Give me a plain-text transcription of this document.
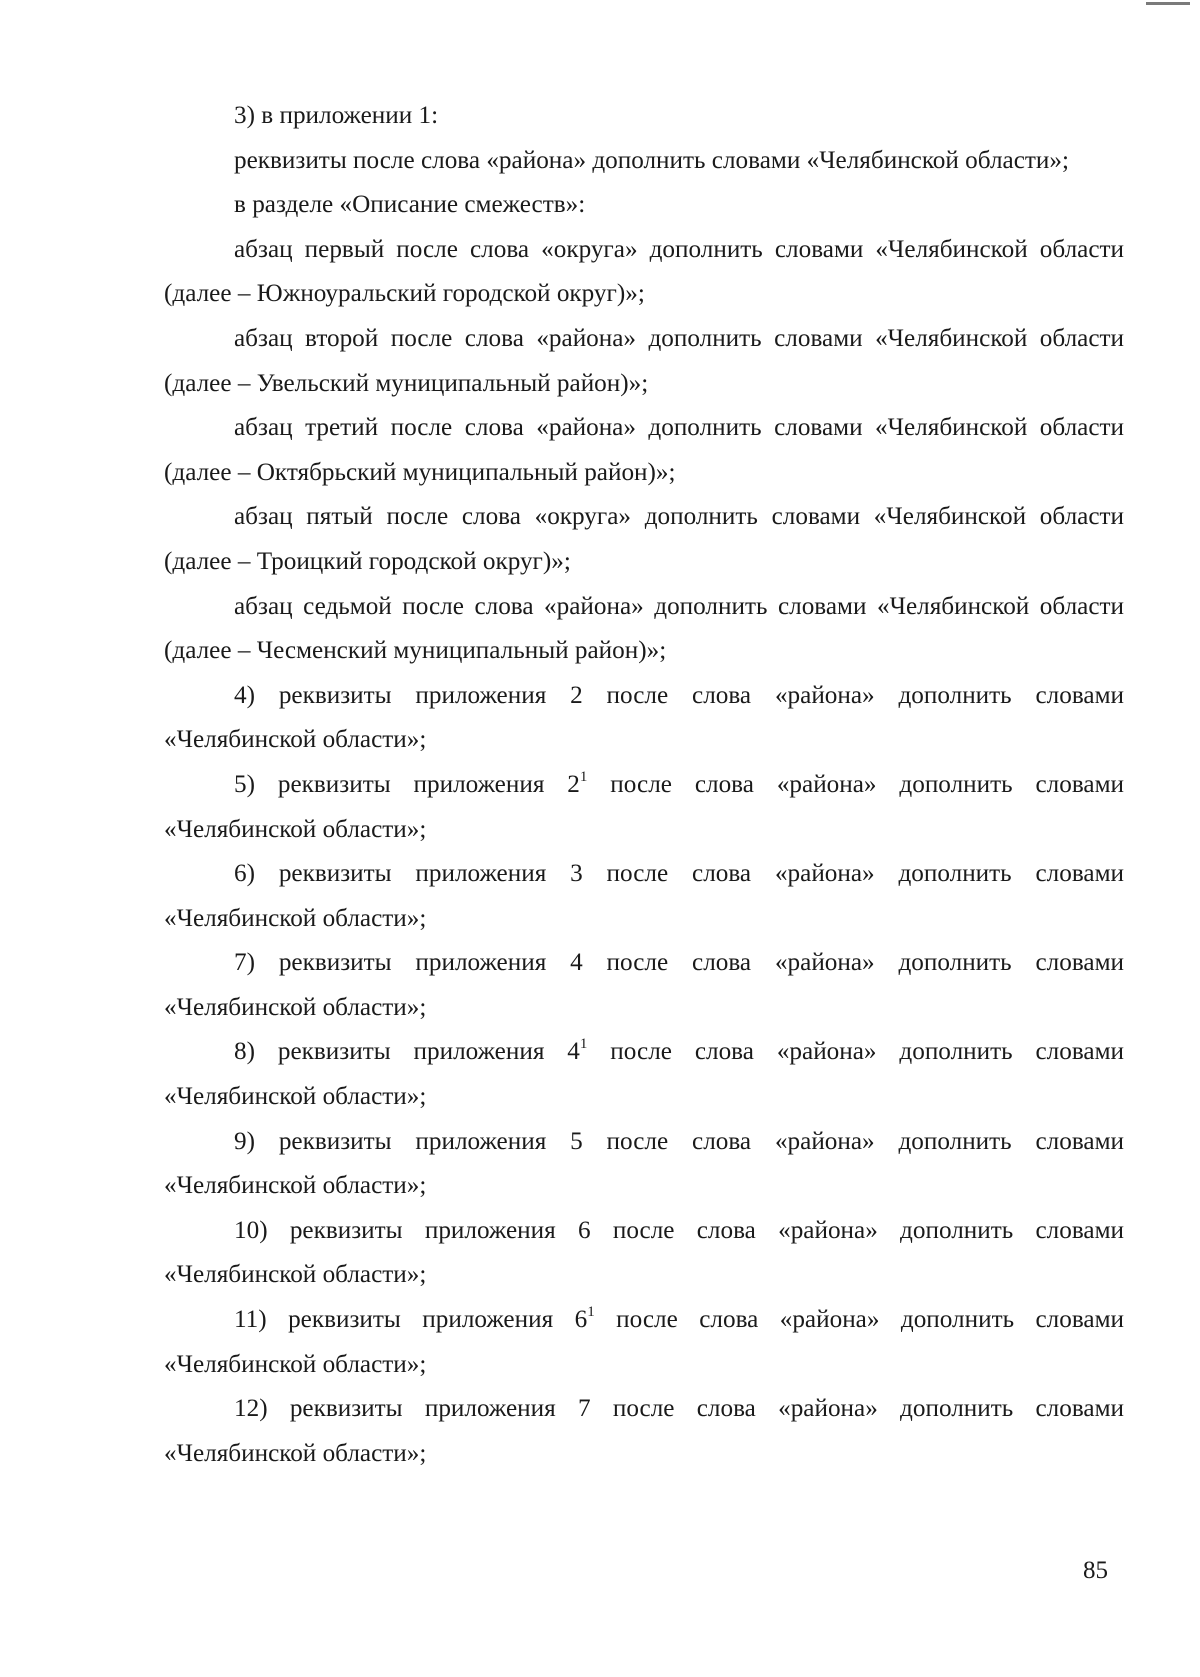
3) в приложении 1:

реквизиты после слова «района» дополнить словами «Челябинской области»;

в разделе «Описание смежеств»:

абзац первый после слова «округа» дополнить словами «Челябинской области (далее – Южноуральский городской округ)»;

абзац второй после слова «района» дополнить словами «Челябинской области (далее – Увельский муниципальный район)»;

абзац третий после слова «района» дополнить словами «Челябинской области (далее – Октябрьский муниципальный район)»;

абзац пятый после слова «округа» дополнить словами «Челябинской области (далее – Троицкий городской округ)»;

абзац седьмой после слова «района» дополнить словами «Челябинской области (далее – Чесменский муниципальный район)»;

4) реквизиты приложения 2 после слова «района» дополнить словами «Челябинской области»;

5) реквизиты приложения $2^1$ после слова «района» дополнить словами «Челябинской области»;

6) реквизиты приложения 3 после слова «района» дополнить словами «Челябинской области»;

7) реквизиты приложения 4 после слова «района» дополнить словами «Челябинской области»;

8) реквизиты приложения $4^1$ после слова «района» дополнить словами «Челябинской области»;

9) реквизиты приложения 5 после слова «района» дополнить словами «Челябинской области»;

10) реквизиты приложения 6 после слова «района» дополнить словами «Челябинской области»;

11) реквизиты приложения $6^1$ после слова «района» дополнить словами «Челябинской области»;

12) реквизиты приложения 7 после слова «района» дополнить словами «Челябинской области»;

85
